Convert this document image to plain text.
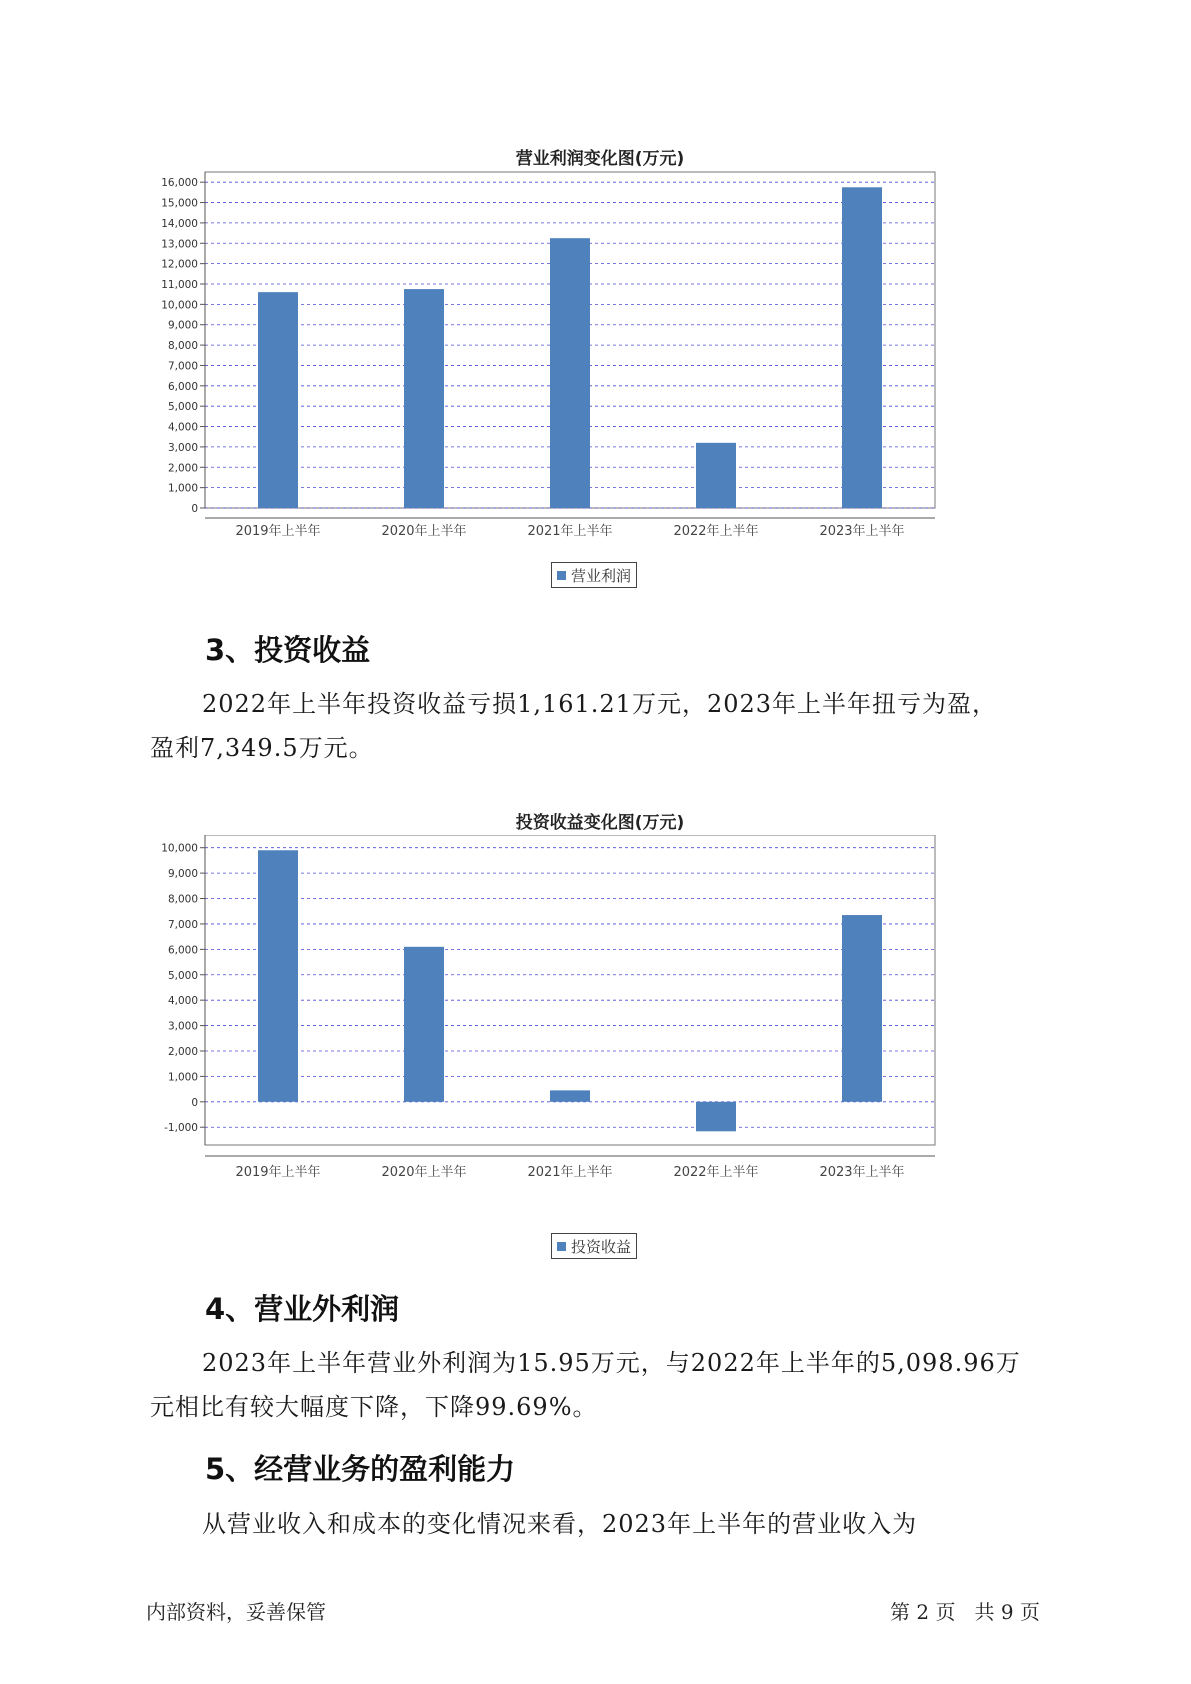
营业利润变化图(万元)
0
1,000
2,000
3,000
4,000
5,000
6,000
7,000
8,000
9,000
10,000
11,000
12,000
13,000
14,000
15,000
16,000
2019年上半年	2020年上半年	2021年上半年	2022年上半年	2023年上半年
营业利润
3、投资收益
2022年上半年投资收益亏损1,161.21万元，2023年上半年扭亏为盈，
盈利7,349.5万元。
投资收益变化图(万元)
-1,000
0
1,000
2,000
3,000
4,000
5,000
6,000
7,000
8,000
9,000
10,000
2019年上半年	2020年上半年	2021年上半年	2022年上半年	2023年上半年
投资收益
4、营业外利润
2023年上半年营业外利润为15.95万元，与2022年上半年的5,098.96万
元相比有较大幅度下降，下降99.69%。
5、经营业务的盈利能力
从营业收入和成本的变化情况来看，2023年上半年的营业收入为
内部资料，妥善保管	第 2 页   共 9 页
